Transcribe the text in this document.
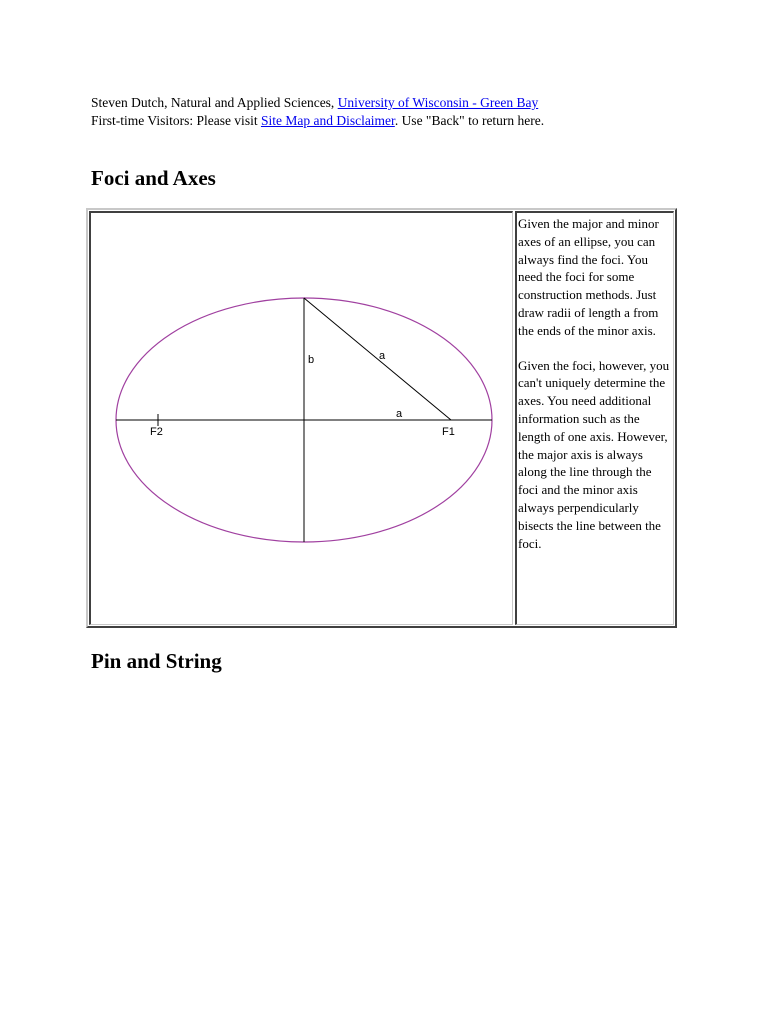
Steven Dutch, Natural and Applied Sciences, University of Wisconsin - Green Bay
First-time Visitors: Please visit Site Map and Disclaimer. Use "Back" to return here.
Foci and Axes
b	a
a
F1
F2

Given the major and minor axes of an ellipse, you can always find the foci. You need the foci for some construction methods. Just draw radii of length a from the ends of the minor axis.

Given the foci, however, you can't uniquely determine the axes. You need additional information such as the length of one axis. However, the major axis is always along the line through the foci and the minor axis always perpendicularly bisects the line between the foci.

Pin and String
